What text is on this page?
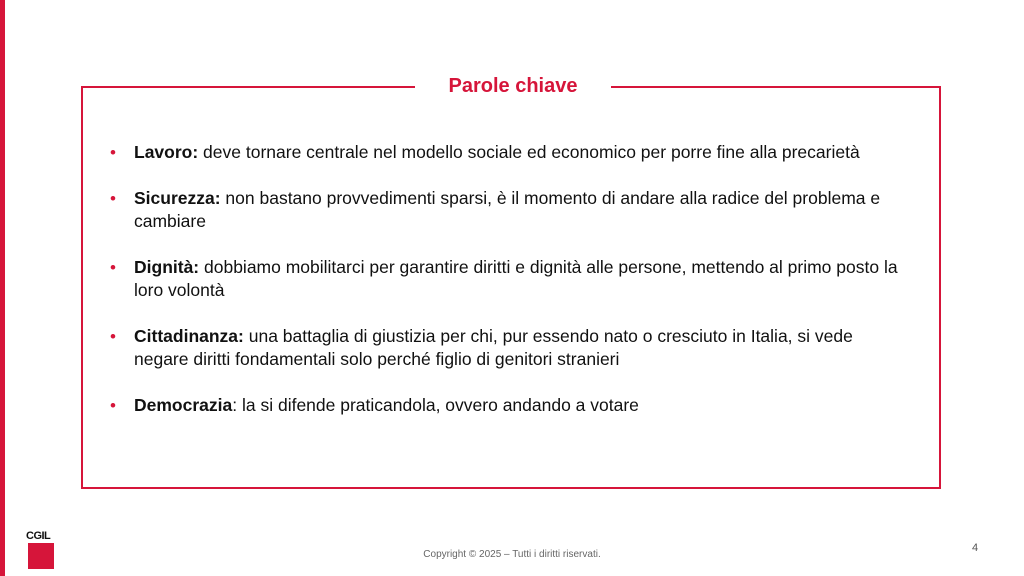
Parole chiave
• Lavoro: deve tornare centrale nel modello sociale ed economico per porre fine alla precarietà
• Sicurezza: non bastano provvedimenti sparsi, è il momento di andare alla radice del problema e cambiare
• Dignità: dobbiamo mobilitarci per garantire diritti e dignità alle persone, mettendo al primo posto la loro volontà
• Cittadinanza: una battaglia di giustizia per chi, pur essendo nato o cresciuto in Italia, si vede negare diritti fondamentali solo perché figlio di genitori stranieri
• Democrazia: la si difende praticandola, ovvero andando a votare
CGIL
Copyright © 2025 – Tutti i diritti riservati.
4
